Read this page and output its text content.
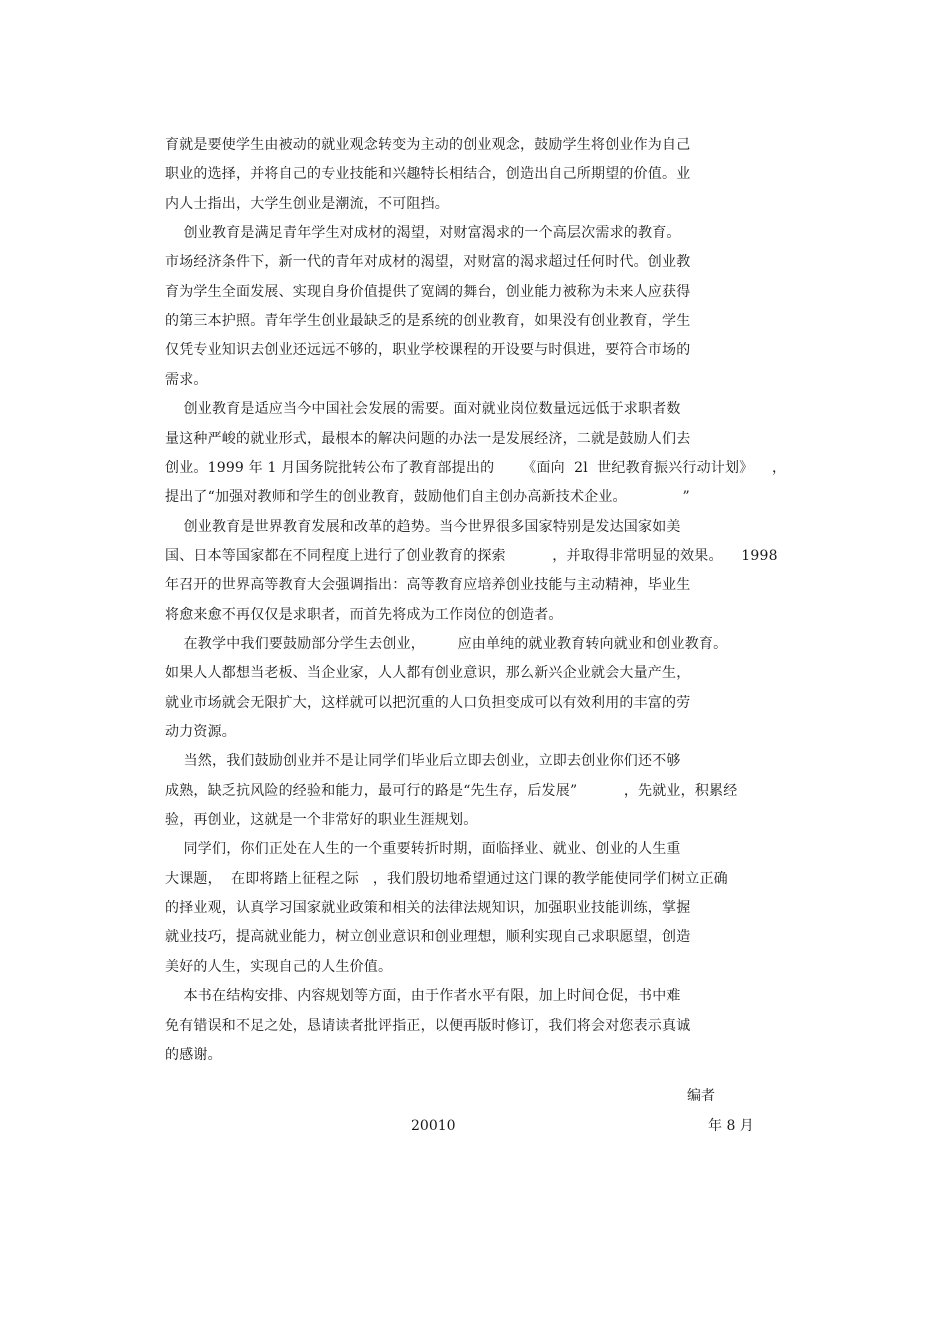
育就是要使学生由被动的就业观念转变为主动的创业观念，鼓励学生将创业作为自己
职业的选择，并将自己的专业技能和兴趣特长相结合，创造出自己所期望的价值。业
内人士指出，大学生创业是潮流，不可阻挡。
创业教育是满足青年学生对成材的渴望，对财富渴求的一个高层次需求的教育。
市场经济条件下，新一代的青年对成材的渴望，对财富的渴求超过任何时代。创业教
育为学生全面发展、实现自身价值提供了宽阔的舞台，创业能力被称为未来人应获得
的第三本护照。青年学生创业最缺乏的是系统的创业教育，如果没有创业教育，学生
仅凭专业知识去创业还远远不够的，职业学校课程的开设要与时俱进，要符合市场的
需求。
创业教育是适应当今中国社会发展的需要。面对就业岗位数量远远低于求职者数
量这种严峻的就业形式，最根本的解决问题的办法一是发展经济，二就是鼓励人们去
创业。1999 年 1 月国务院批转公布了教育部提出的      《面向  2l  世纪教育振兴行动计划》    ，
提出了“加强对教师和学生的创业教育，鼓励他们自主创办高新技术企业。            ”
创业教育是世界教育发展和改革的趋势。当今世界很多国家特别是发达国家如美
国、日本等国家都在不同程度上进行了创业教育的探索          ，并取得非常明显的效果。    1998
年召开的世界高等教育大会强调指出：高等教育应培养创业技能与主动精神，毕业生
将愈来愈不再仅仅是求职者，而首先将成为工作岗位的创造者。
在教学中我们要鼓励部分学生去创业，       应由单纯的就业教育转向就业和创业教育。
如果人人都想当老板、当企业家，人人都有创业意识，那么新兴企业就会大量产生，
就业市场就会无限扩大，这样就可以把沉重的人口负担变成可以有效利用的丰富的劳
动力资源。
当然，我们鼓励创业并不是让同学们毕业后立即去创业，立即去创业你们还不够
成熟，缺乏抗风险的经验和能力，最可行的路是“先生存，后发展”          ，先就业，积累经
验，再创业，这就是一个非常好的职业生涯规划。
同学们，你们正处在人生的一个重要转折时期，面临择业、就业、创业的人生重
大课题，  在即将踏上征程之际   ，我们殷切地希望通过这门课的教学能使同学们树立正确
的择业观，认真学习国家就业政策和相关的法律法规知识，加强职业技能训练，掌握
就业技巧，提高就业能力，树立创业意识和创业理想，顺利实现自己求职愿望，创造
美好的人生，实现自己的人生价值。
本书在结构安排、内容规划等方面，由于作者水平有限，加上时间仓促，书中难
免有错误和不足之处，恳请读者批评指正，以便再版时修订，我们将会对您表示真诚
的感谢。
编者
20010	年 8 月
